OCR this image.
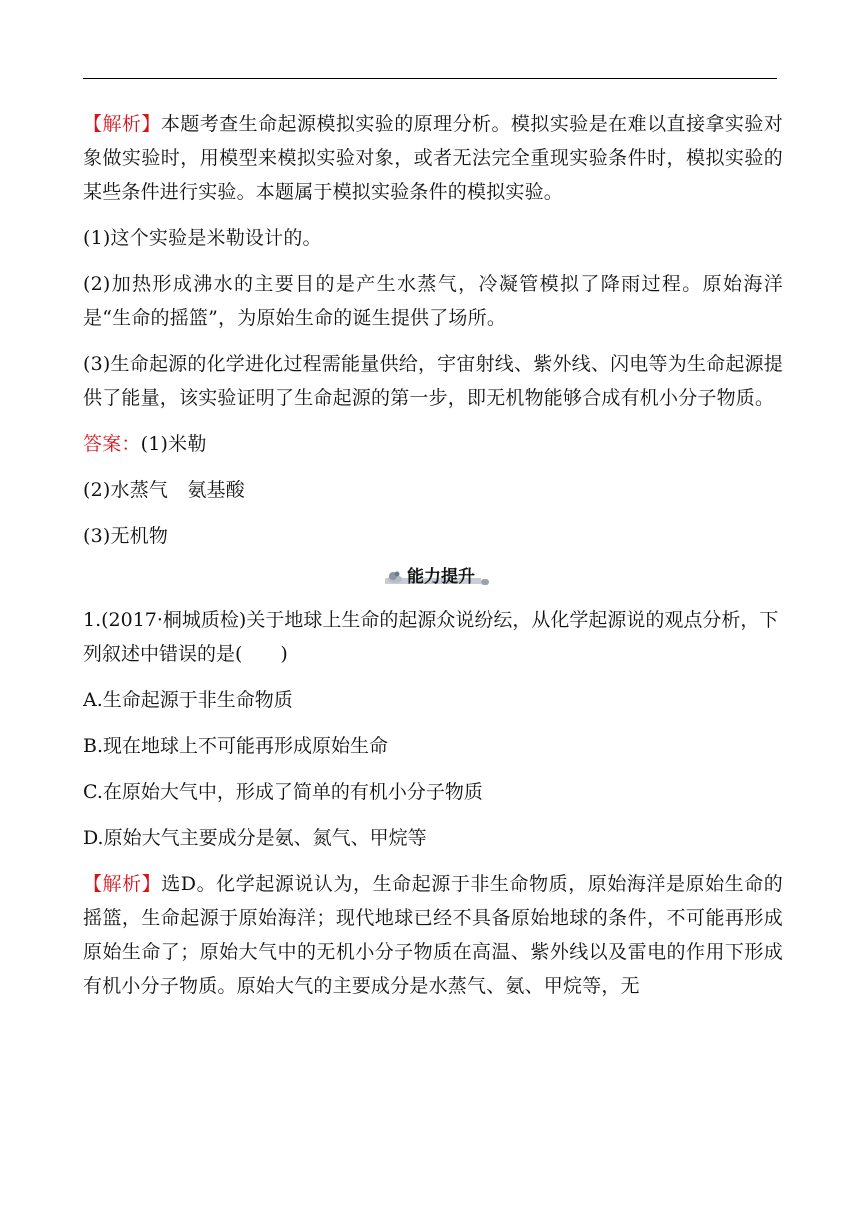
【解析】本题考查生命起源模拟实验的原理分析。模拟实验是在难以直接拿实验对象做实验时，用模型来模拟实验对象，或者无法完全重现实验条件时，模拟实验的某些条件进行实验。本题属于模拟实验条件的模拟实验。

(1)这个实验是米勒设计的。

(2)加热形成沸水的主要目的是产生水蒸气，冷凝管模拟了降雨过程。原始海洋是“生命的摇篮”，为原始生命的诞生提供了场所。

(3)生命起源的化学进化过程需能量供给，宇宙射线、紫外线、闪电等为生命起源提供了能量，该实验证明了生命起源的第一步，即无机物能够合成有机小分子物质。

答案：(1)米勒

(2)水蒸气　氨基酸

(3)无机物

能力提升

1.(2017·桐城质检)关于地球上生命的起源众说纷纭，从化学起源说的观点分析，下列叙述中错误的是(　　)

A.生命起源于非生命物质

B.现在地球上不可能再形成原始生命

C.在原始大气中，形成了简单的有机小分子物质

D.原始大气主要成分是氨、氮气、甲烷等

【解析】选D。化学起源说认为，生命起源于非生命物质，原始海洋是原始生命的摇篮，生命起源于原始海洋；现代地球已经不具备原始地球的条件，不可能再形成原始生命了；原始大气中的无机小分子物质在高温、紫外线以及雷电的作用下形成有机小分子物质。原始大气的主要成分是水蒸气、氨、甲烷等，无
